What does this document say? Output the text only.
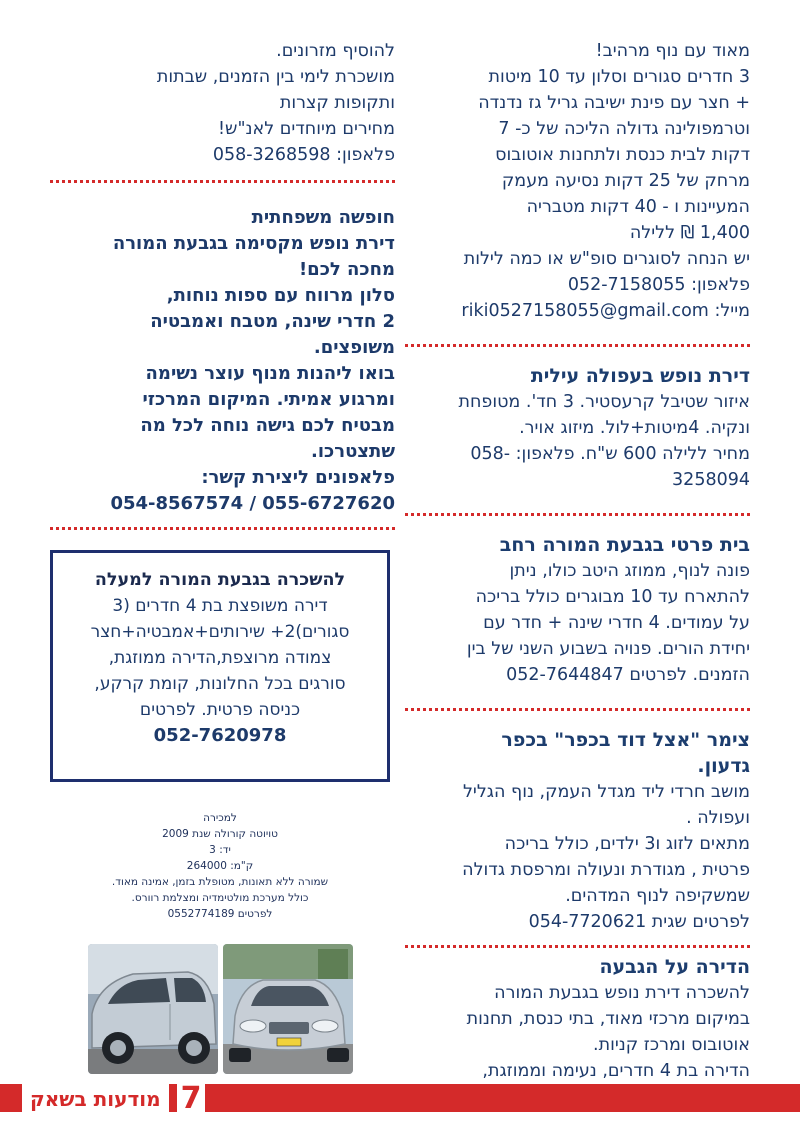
מאוד עם נוף מרהיב!

3 חדרים סגורים וסלון עד 10 מיטות

+ חצר עם פינת ישיבה גריל גז נדנדה

וטרמפולינה גדולה הליכה של כ- 7

דקות לבית כנסת ולתחנות אוטובוס

מרחק של 25 דקות נסיעה מעמק

המעיינות ו - 40 דקות מטבריה

1,400 ₪ ללילה

יש הנחה לסוגרים סופ"ש או כמה לילות

פלאפון: 052-7158055

מייל: riki0527158055@gmail.com

דירת נופש בעפולה עילית

איזור שטיבל קרעסטיר. 3 חד'. מטופחת

ונקיה. 4מיטות+לול. מיזוג אויר.

מחיר ללילה 600 ש"ח. פלאפון: -058

3258094

בית פרטי בגבעת המורה רחב

פונה לנוף, ממוזג היטב כולו, ניתן

להתארח עד 10 מבוגרים כולל בריכה

על עמודים. 4 חדרי שינה + חדר עם

יחידת הורים. פנויה בשבוע השני של בין

הזמנים. לפרטים 052-7644847

צימר "אצל דוד בכפר" בכפר

גדעון.

מושב חרדי ליד מגדל העמק, נוף הגליל

ועפולה .

מתאים לזוג ו3 ילדים, כולל בריכה

פרטית , מגודרת ונעולה ומרפסת גדולה

שמשקיפה לנוף המדהים.

לפרטים שגית 054-7720621

הדירה על הגבעה

להשכרה דירת נופש בגבעת המורה

במיקום מרכזי מאוד, בתי כנסת, תחנות

אוטובוס ומרכז קניות.

הדירה בת 4 חדרים, נעימה וממוזגת,

להוסיף מזרונים.

מושכרת לימי בין הזמנים, שבתות

ותקופות קצרות

מחירים מיוחדים לאנ"ש!

פלאפון: 058-3268598

חופשה משפחתית

דירת נופש מקסימה בגבעת המורה

מחכה לכם!

סלון מרווח עם ספות נוחות,

2 חדרי שינה, מטבח ואמבטיה

משופצים.

בואו ליהנות מנוף עוצר נשימה

ומרגוע אמיתי. המיקום המרכזי

מבטיח לכם גישה נוחה לכל מה

שתצטרכו.

פלאפונים ליצירת קשר:

055-6727620 / 054-8567574

להשכרה בגבעת המורה למעלה

דירה משופצת בת 4 חדרים (3

סגורים)2+ שירותים+אמבטיה+חצר

צמודה מרוצפת,הדירה ממוזגת,

סורגים בכל החלונות, קומת קרקע,

כניסה פרטית. לפרטים

052-7620978

למכירה

טויוטה קורולה שנת 2009

יד: 3

ק"מ: 264000

שמורה ללא תאונות, מטופלת בזמן, אמינה מאוד.

כולל מערכת מולטימדיה ומצלמת רוורס.

לפרטים 0552774189

מודעות בשאק 7
